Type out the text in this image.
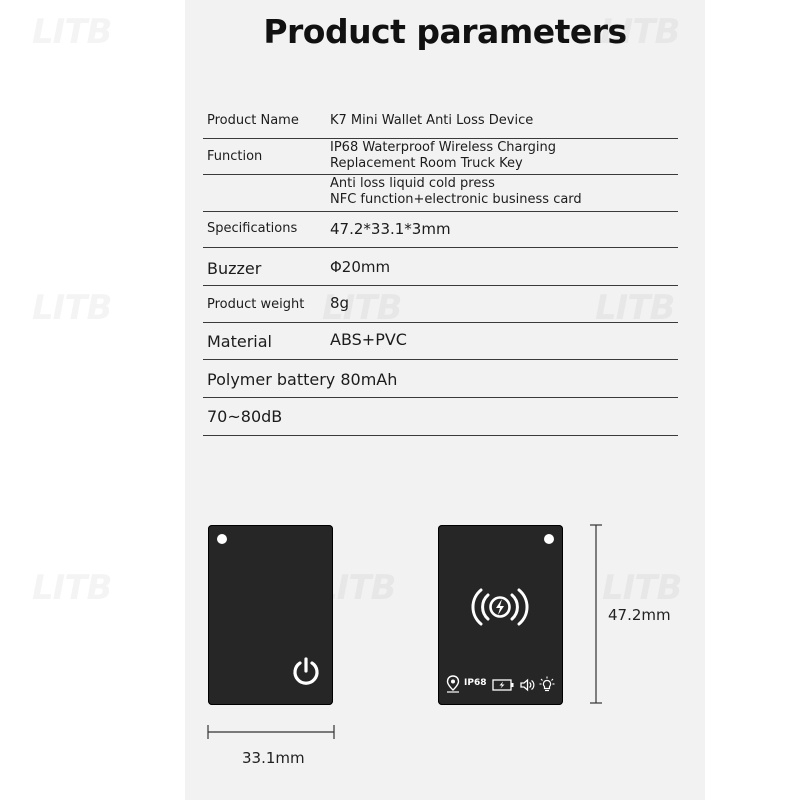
Product parameters
Product Name K7 Mini Wallet Anti Loss Device
Function
IP68 Waterproof Wireless Charging
Replacement Room Truck Key
Anti loss liquid cold press
NFC function+electronic business card
Specifications 47.2*33.1*3mm
Buzzer	Φ20mm
Product weight 8g
Material	ABS+PVC
Polymer battery 80mAh
70~80dB
33.1mm
IP68
47.2mm
